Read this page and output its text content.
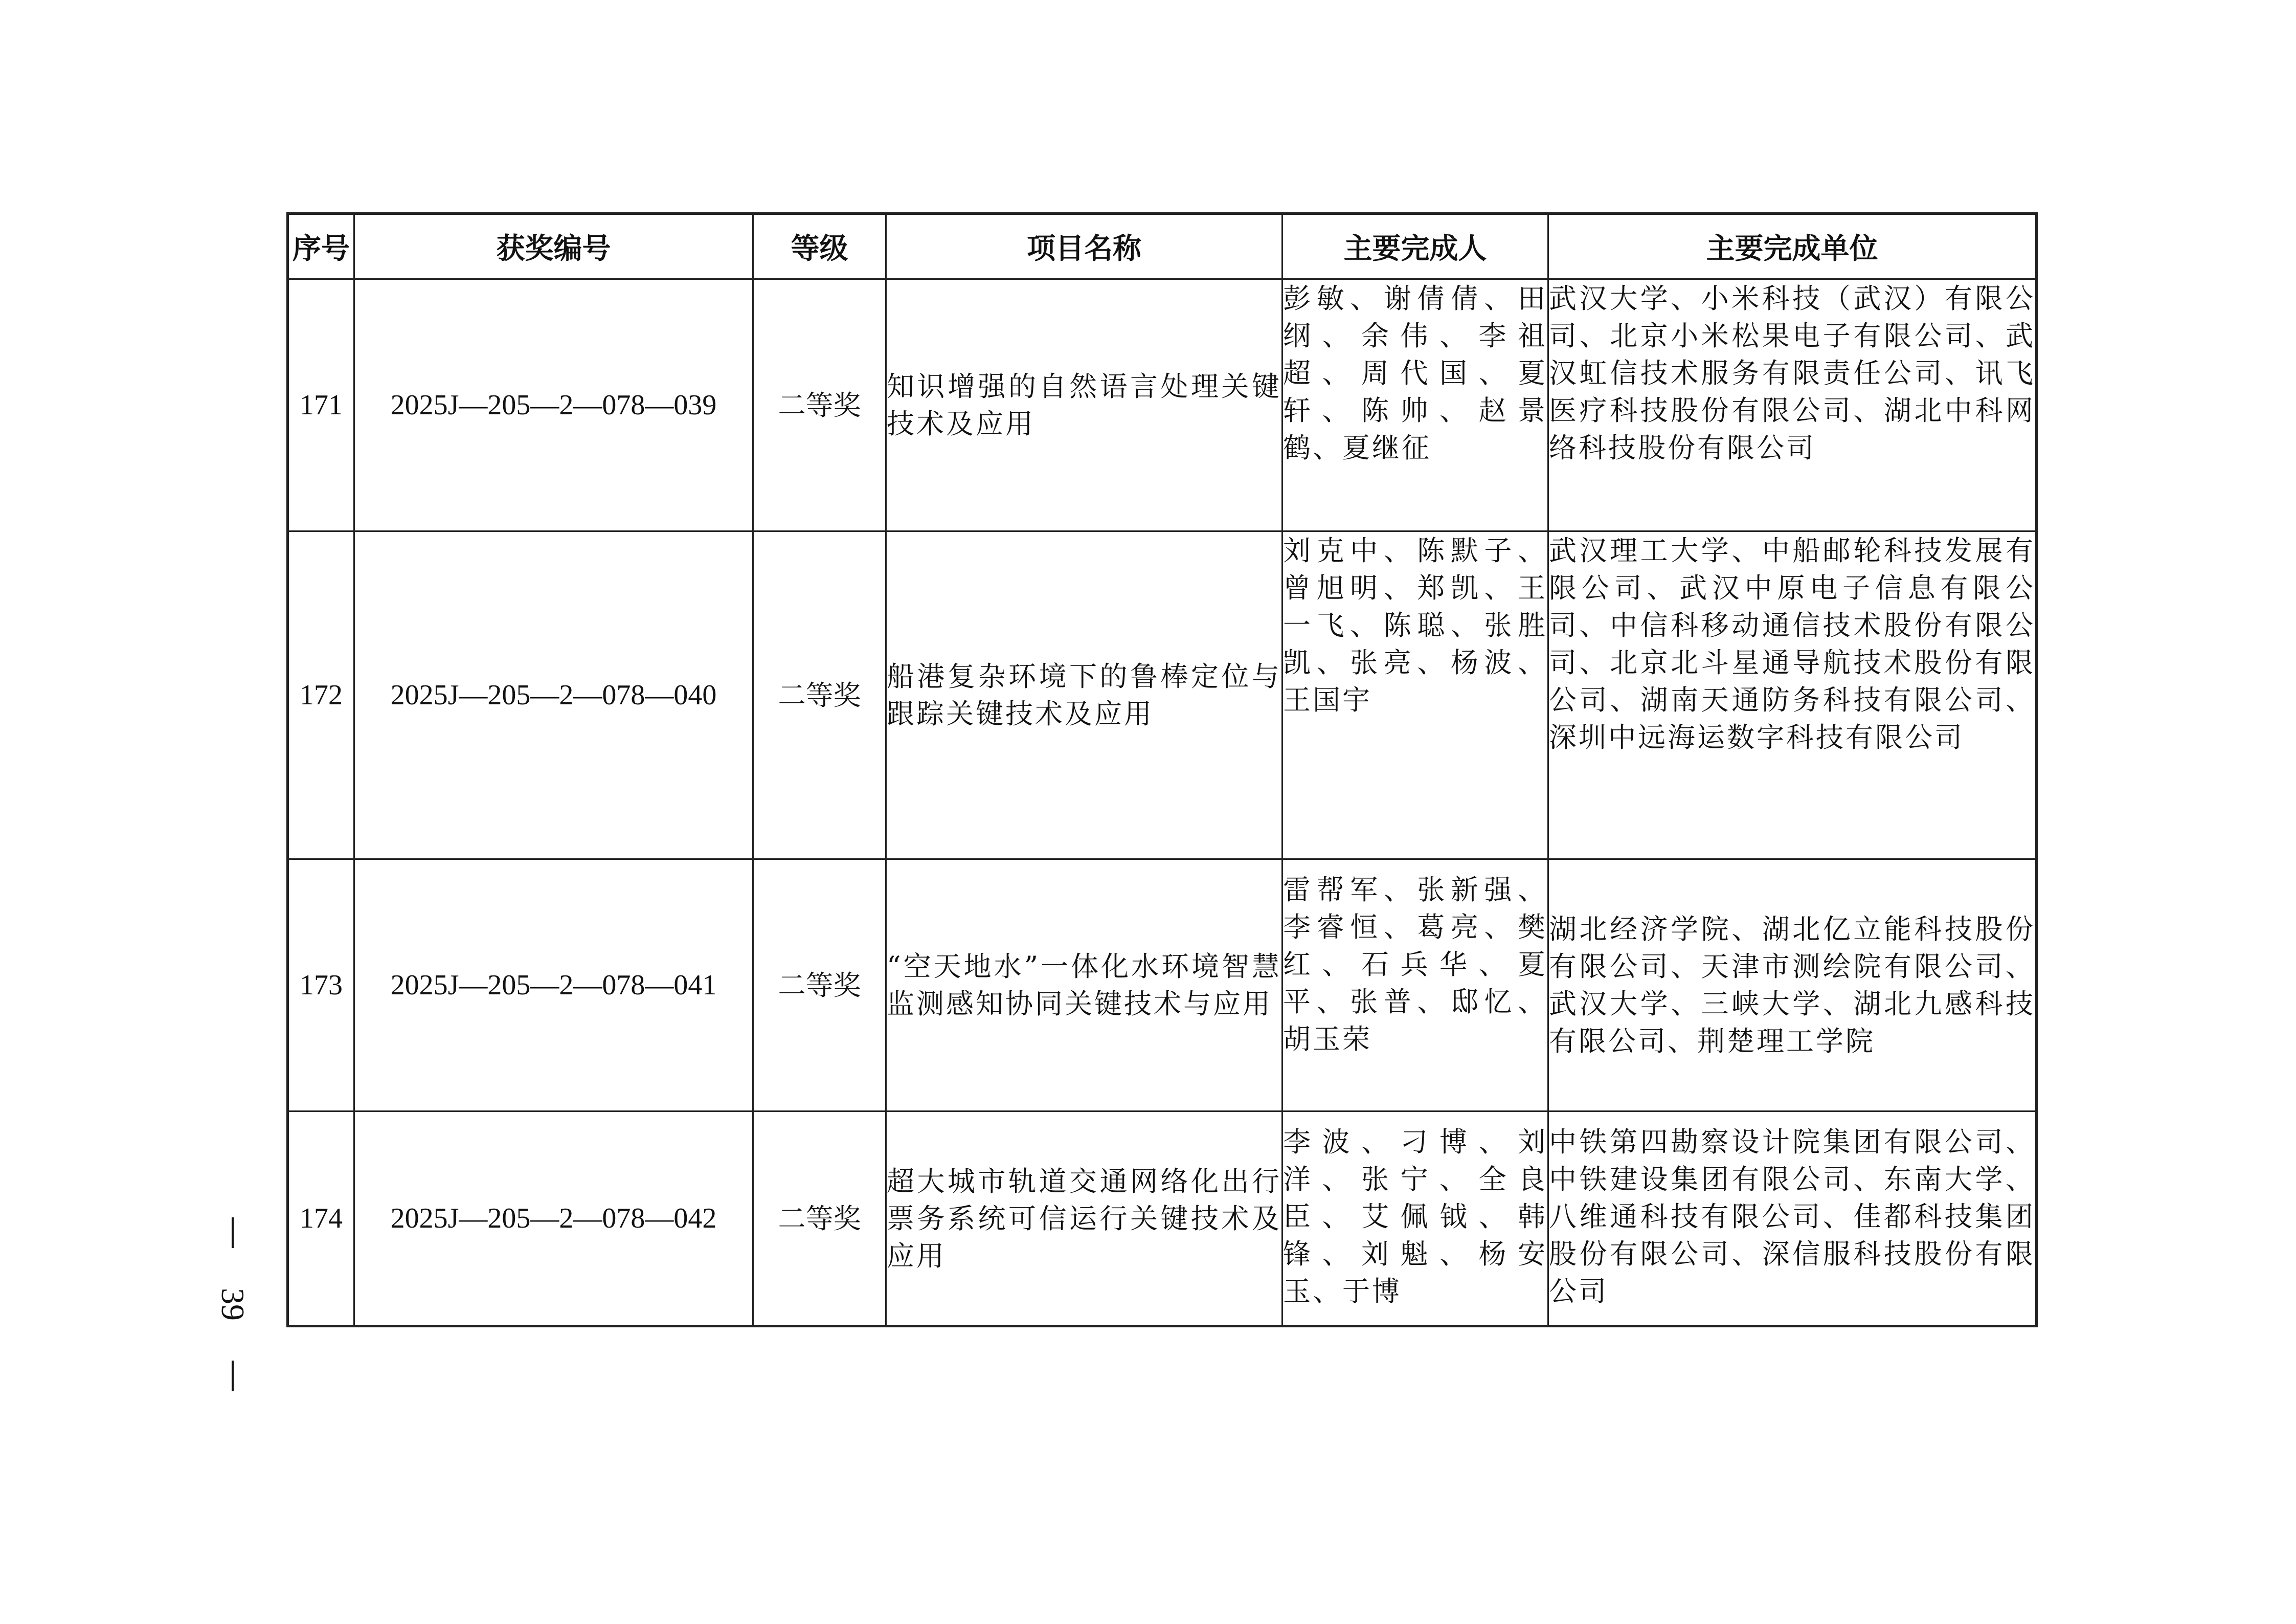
39
序号	获奖编号	等级	项目名称	主要完成人	主要完成单位
171	2025J—205—2—078—039	二等奖	知识增强的自然语言处理关键技术及应用	彭敏、谢倩倩、田纲、余伟、李祖超、周代国、夏轩、陈帅、赵景鹤、夏继征	武汉大学、小米科技（武汉）有限公司、北京小米松果电子有限公司、武汉虹信技术服务有限责任公司、讯飞医疗科技股份有限公司、湖北中科网络科技股份有限公司

172	2025J—205—2—078—040	二等奖	船港复杂环境下的鲁棒定位与跟踪关键技术及应用	刘克中、陈默子、曾旭明、郑凯、王一飞、陈聪、张胜凯、张亮、杨波、王国宇	武汉理工大学、中船邮轮科技发展有限公司、武汉中原电子信息有限公司、中信科移动通信技术股份有限公司、北京北斗星通导航技术股份有限公司、湖南天通防务科技有限公司、深圳中远海运数字科技有限公司

173	2025J—205—2—078—041	二等奖	“空天地水”一体化水环境智慧监测感知协同关键技术与应用	雷帮军、张新强、李睿恒、葛亮、樊红、石兵华、夏平、张普、邸忆、胡玉荣	湖北经济学院、湖北亿立能科技股份有限公司、天津市测绘院有限公司、武汉大学、三峡大学、湖北九感科技有限公司、荆楚理工学院

174	2025J—205—2—078—042	二等奖	超大城市轨道交通网络化出行票务系统可信运行关键技术及应用	李波、刁博、刘洋、张宁、全良臣、艾佩钺、韩锋、刘魁、杨安玉、于博	中铁第四勘察设计院集团有限公司、中铁建设集团有限公司、东南大学、八维通科技有限公司、佳都科技集团股份有限公司、深信服科技股份有限公司
